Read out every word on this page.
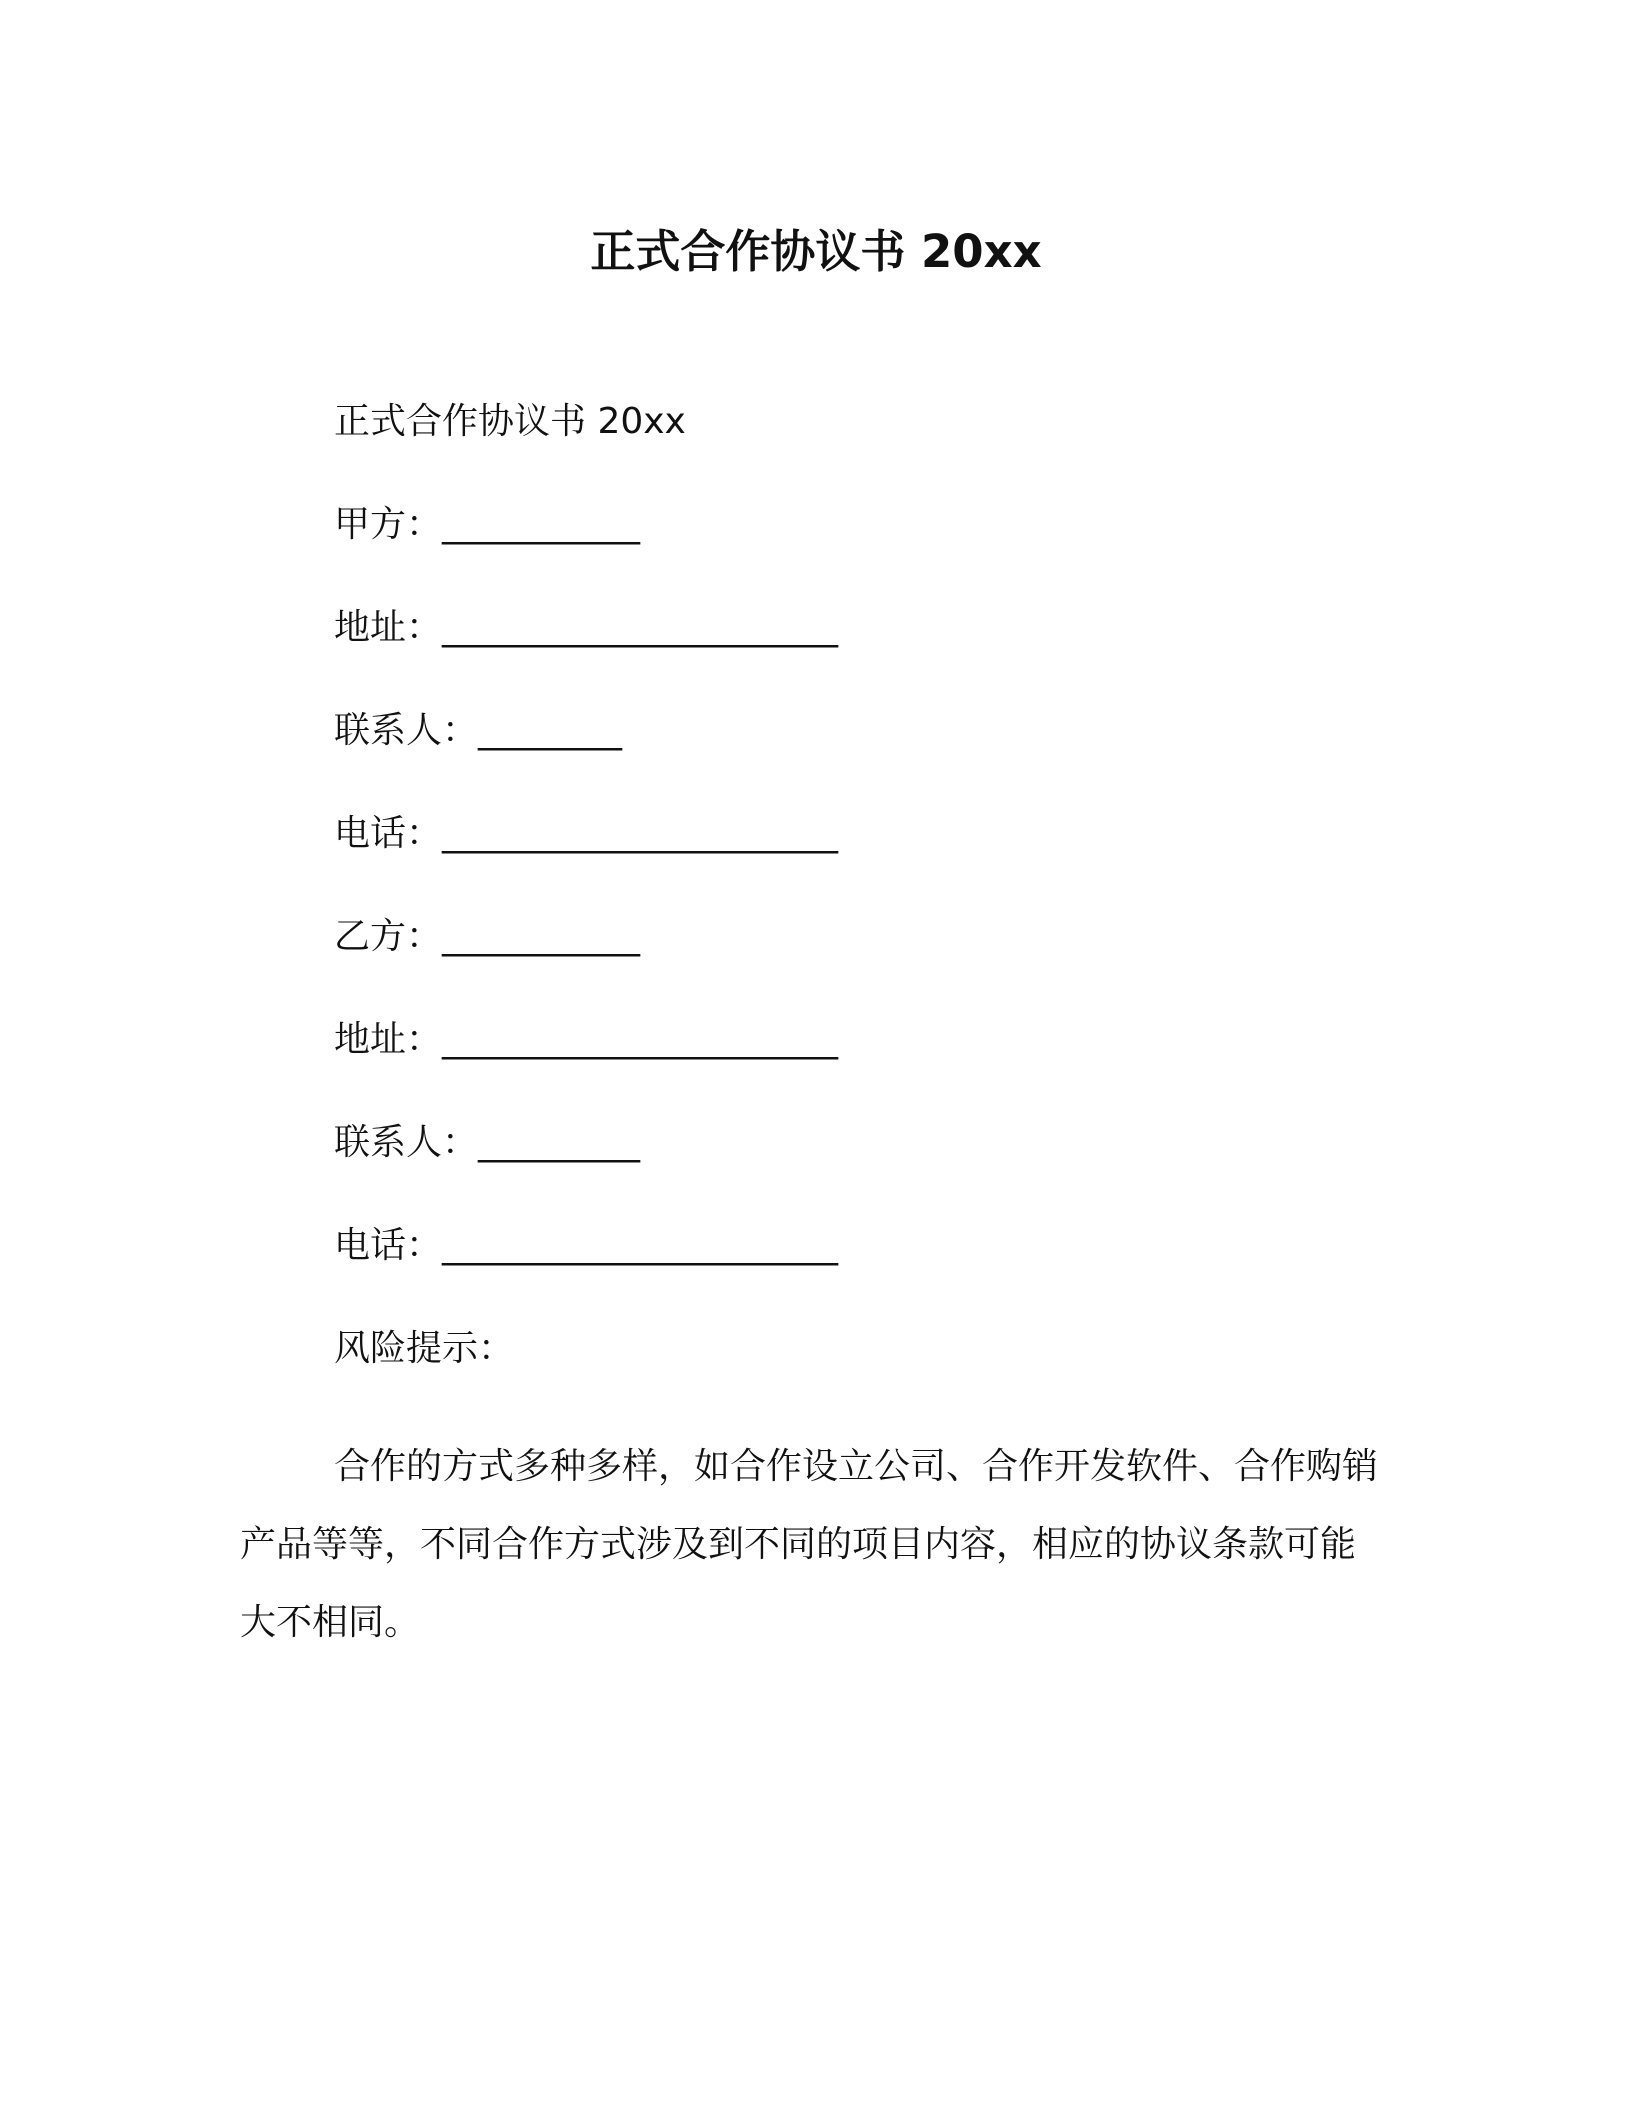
正式合作协议书 20xx
正式合作协议书 20xx
甲方：___________
地址：______________________
联系人：________
电话：______________________
乙方：___________
地址：______________________
联系人：_________
电话：______________________
风险提示：
合作的方式多种多样，如合作设立公司、合作开发软件、合作购销产品等等，不同合作方式涉及到不同的项目内容，相应的协议条款可能大不相同。
